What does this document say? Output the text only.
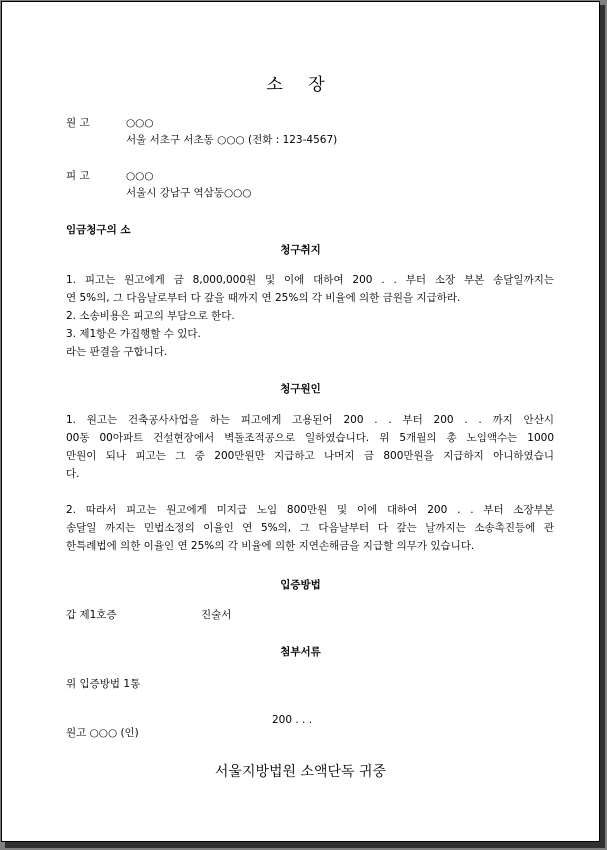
소 장
원 고	○○○
서울 서초구 서초동 ○○○ (전화 : 123-4567)
피 고	○○○
서울시 강남구 역삼동○○○
임금청구의 소
청구취지
1. 피고는 원고에게 금 8,000,000원 및 이에 대하여 200 . . 부터 소장 부본 송달일까지는
연 5%의, 그 다음날로부터 다 갚을 때까지 연 25%의 각 비율에 의한 금원을 지급하라.
2. 소송비용은 피고의 부담으로 한다.
3. 제1항은 가집행할 수 있다.
라는 판결을 구합니다.
청구원인
1. 원고는 건축공사사업을 하는 피고에게 고용된어 200 . . 부터 200 . . 까지 안산시
00동 00아파트 건설현장에서 벽돌조적공으로 일하였습니다. 위 5개월의 총 노임액수는 1000
만원이 되나 피고는 그 중 200만원만 지급하고 나머지 금 800만원을 지급하지 아니하였습니
다.
2. 따라서 피고는 원고에게 미지급 노임 800만원 및 이에 대하여 200 . . 부터 소장부본
송달일 까지는 민법소정의 이율인 연 5%의, 그 다음날부터 다 갚는 날까지는 소송촉진등에 관
한특례법에 의한 이율인 연 25%의 각 비율에 의한 지연손해금을 지급할 의무가 있습니다.
입증방법
갑 제1호증	진술서
첨부서류
위 입증방법 1통
200 . . .
원고 ○○○ (인)
서울지방법원 소액단독 귀중
